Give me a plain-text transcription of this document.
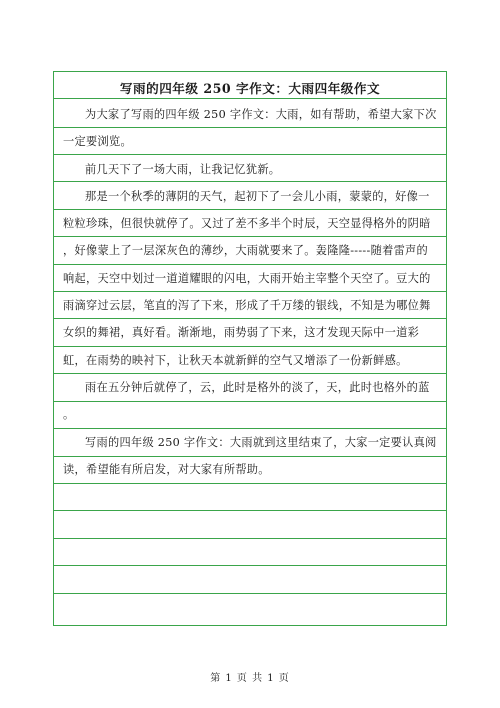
写雨的四年级 250 字作文：大雨四年级作文
为大家了写雨的四年级 250 字作文：大雨，如有帮助，希望大家下次
一定要浏览。
前几天下了一场大雨，让我记忆犹新。
那是一个秋季的薄阴的天气，起初下了一会儿小雨，蒙蒙的，好像一
粒粒珍珠，但很快就停了。又过了差不多半个时辰，天空显得格外的阴暗
，好像蒙上了一层深灰色的薄纱，大雨就要来了。轰隆隆-----随着雷声的
响起，天空中划过一道道耀眼的闪电，大雨开始主宰整个天空了。豆大的
雨滴穿过云层，笔直的泻了下来，形成了千万缕的银线，不知是为哪位舞
女织的舞裙，真好看。渐渐地，雨势弱了下来，这才发现天际中一道彩
虹，在雨势的映衬下，让秋天本就新鲜的空气又增添了一份新鲜感。
雨在五分钟后就停了，云，此时是格外的淡了，天，此时也格外的蓝
。
写雨的四年级 250 字作文：大雨就到这里结束了，大家一定要认真阅
读，希望能有所启发，对大家有所帮助。
第 1 页 共 1 页
